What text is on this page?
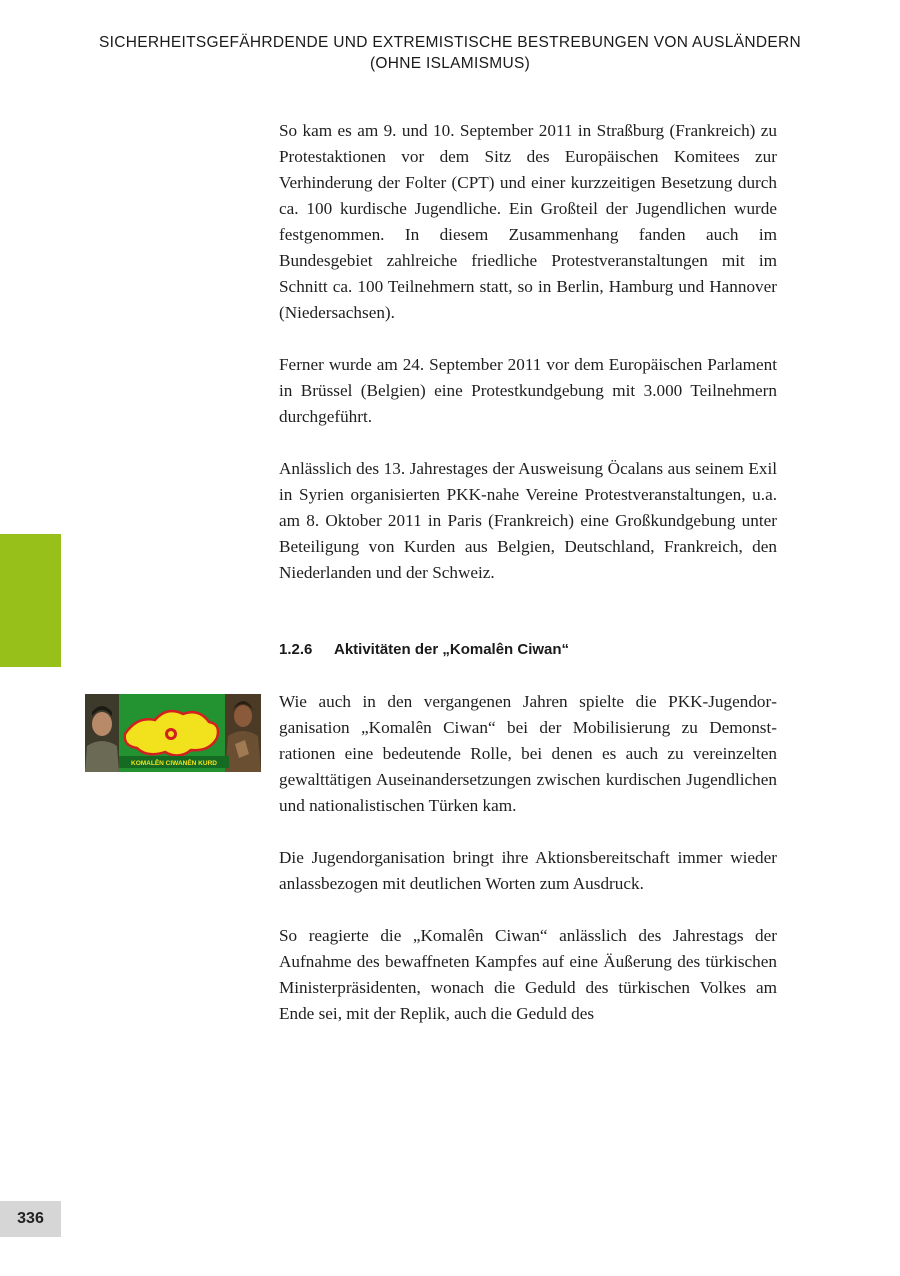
SICHERHEITSGEFÄHRDENDE UND EXTREMISTISCHE BESTREBUNGEN VON AUSLÄNDERN
(OHNE ISLAMISMUS)

So kam es am 9. und 10. September 2011 in Straßburg (Frankreich) zu Protestaktionen vor dem Sitz des Europäischen Komitees zur Verhinderung der Folter (CPT) und einer kurzzeitigen Besetzung durch ca. 100 kurdische Jugendliche. Ein Großteil der Jugendlichen wurde festgenommen. In diesem Zusammenhang fanden auch im Bundesgebiet zahlreiche friedliche Protestveranstaltungen mit im Schnitt ca. 100 Teilnehmern statt, so in Berlin, Hamburg und Hannover (Niedersachsen).

Ferner wurde am 24. September 2011 vor dem Europäischen Parlament in Brüssel (Belgien) eine Protestkundgebung mit 3.000 Teilnehmern durchgeführt.

Anlässlich des 13. Jahrestages der Ausweisung Öcalans aus seinem Exil in Syrien organisierten PKK-nahe Vereine Protestveranstaltungen, u.a. am 8. Oktober 2011 in Paris (Frankreich) eine Großkundgebung unter Beteiligung von Kurden aus Belgien, Deutschland, Frankreich, den Niederlanden und der Schweiz.

1.2.6 Aktivitäten der „Komalên Ciwan“
KOMALÊN CIWANÊN KURD

Wie auch in den vergangenen Jahren spielte die PKK-Jugendorganisation „Komalên Ciwan“ bei der Mobilisierung zu Demonstrationen eine bedeutende Rolle, bei denen es auch zu vereinzelten gewalttätigen Auseinandersetzungen zwischen kurdischen Jugendlichen und nationalistischen Türken kam.

Die Jugendorganisation bringt ihre Aktionsbereitschaft immer wieder anlassbezogen mit deutlichen Worten zum Ausdruck.

So reagierte die „Komalên Ciwan“ anlässlich des Jahrestags der Aufnahme des bewaffneten Kampfes auf eine Äußerung des türkischen Ministerpräsidenten, wonach die Geduld des türkischen Volkes am Ende sei, mit der Replik, auch die Geduld des

336
